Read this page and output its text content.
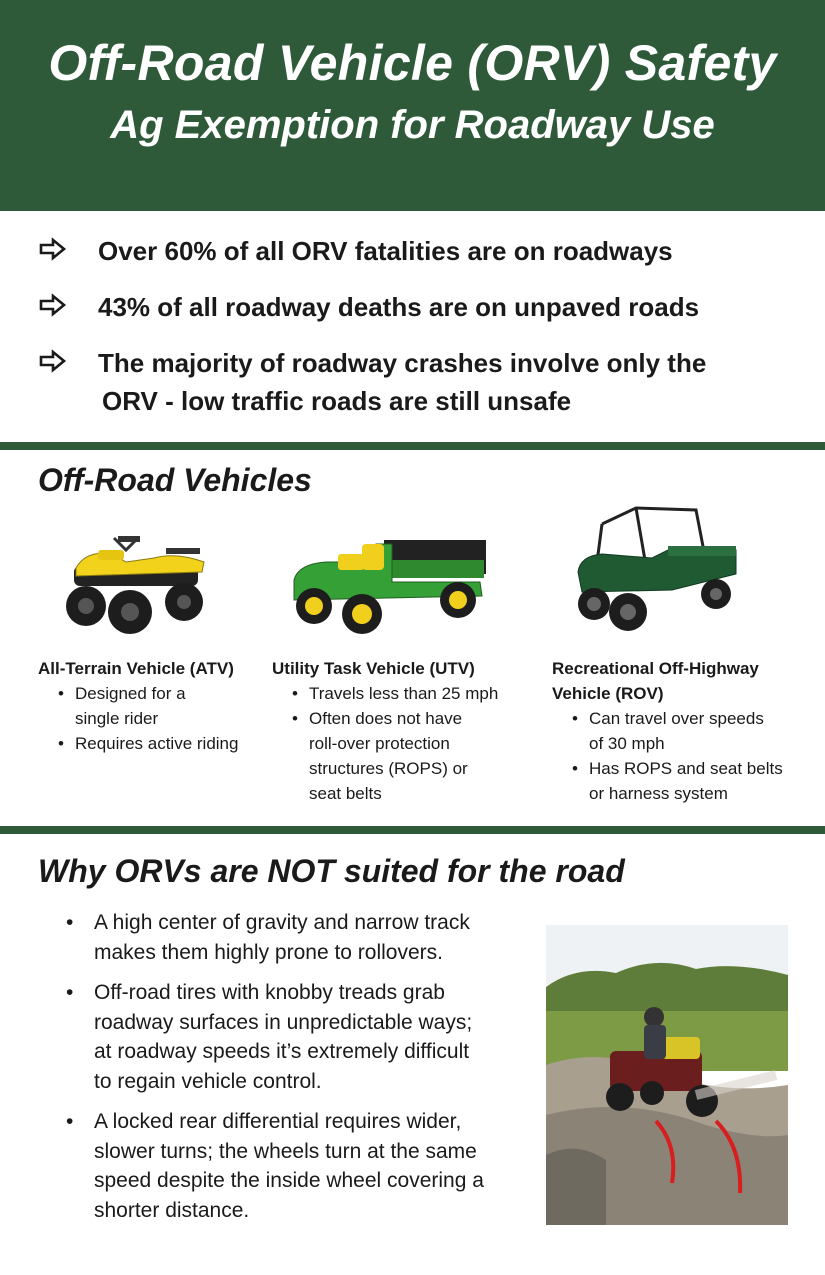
Off-Road Vehicle (ORV) Safety
Ag Exemption for Roadway Use
Over 60% of all ORV fatalities are on roadways
43% of all roadway deaths are on unpaved roads
The majority of roadway crashes involve only the
ORV - low traffic roads are still unsafe
Off-Road Vehicles
All-Terrain Vehicle (ATV)
• Designed for a
single rider
• Requires active riding
Utility Task Vehicle (UTV)
• Travels less than 25 mph
• Often does not have
roll-over protection
structures (ROPS) or
seat belts
Recreational Off-Highway
Vehicle (ROV)
• Can travel over speeds
of 30 mph
• Has ROPS and seat belts
or harness system
Why ORVs are NOT suited for the road
• A high center of gravity and narrow track
makes them highly prone to rollovers.
• Off-road tires with knobby treads grab
roadway surfaces in unpredictable ways;
at roadway speeds it’s extremely difficult
to regain vehicle control.
• A locked rear differential requires wider,
slower turns; the wheels turn at the same
speed despite the inside wheel covering a
shorter distance.
